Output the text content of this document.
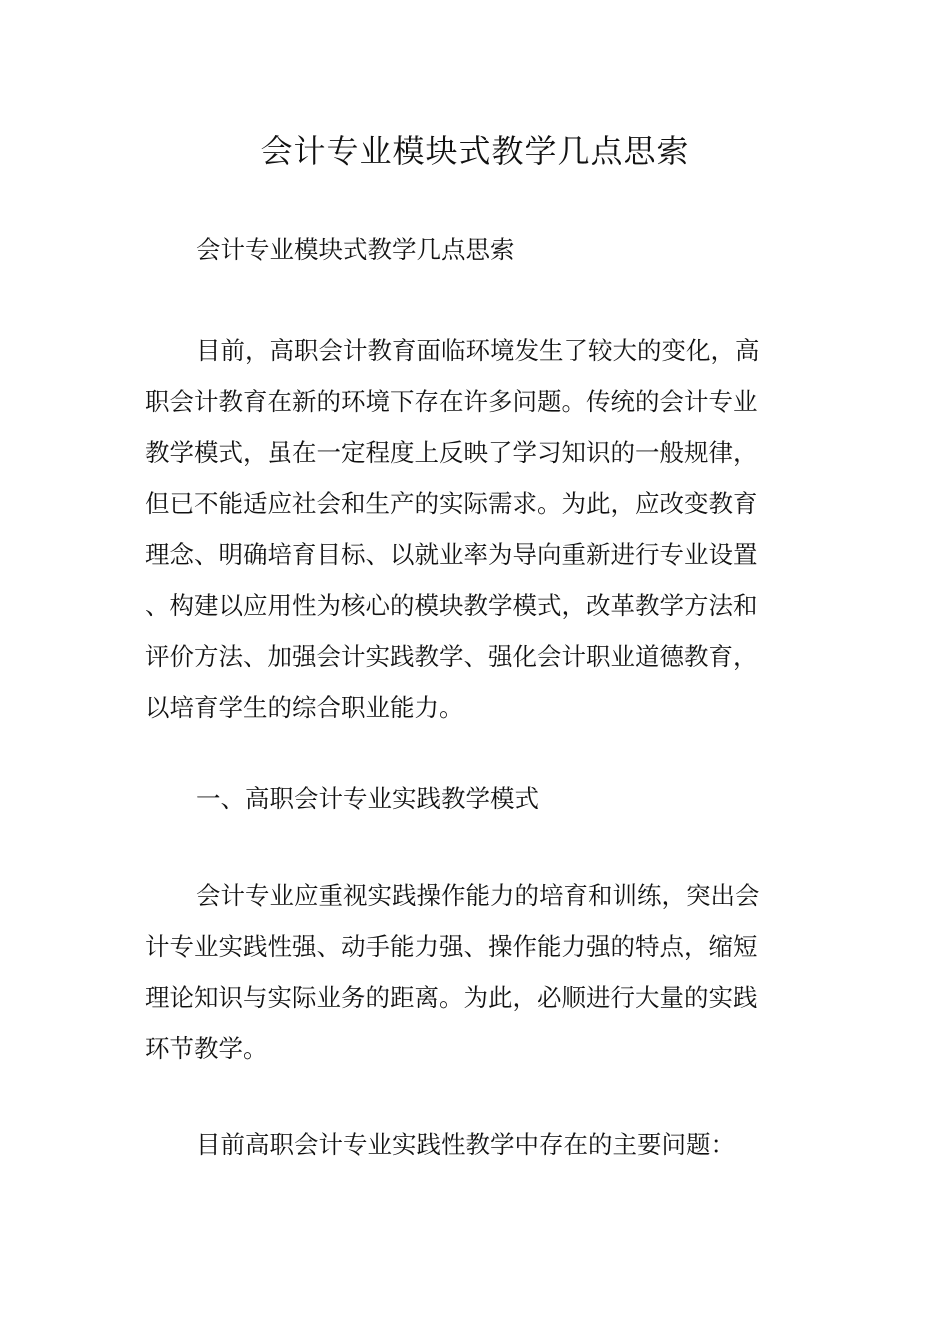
会计专业模块式教学几点思索

会计专业模块式教学几点思索

目前，高职会计教育面临环境发生了较大的变化，高
职会计教育在新的环境下存在许多问题。传统的会计专业
教学模式，虽在一定程度上反映了学习知识的一般规律，
但已不能适应社会和生产的实际需求。为此，应改变教育
理念、明确培育目标、以就业率为导向重新进行专业设置
、构建以应用性为核心的模块教学模式，改革教学方法和
评价方法、加强会计实践教学、强化会计职业道德教育，
以培育学生的综合职业能力。

一、高职会计专业实践教学模式

会计专业应重视实践操作能力的培育和训练，突出会
计专业实践性强、动手能力强、操作能力强的特点，缩短
理论知识与实际业务的距离。为此，必顺进行大量的实践
环节教学。

目前高职会计专业实践性教学中存在的主要问题：
